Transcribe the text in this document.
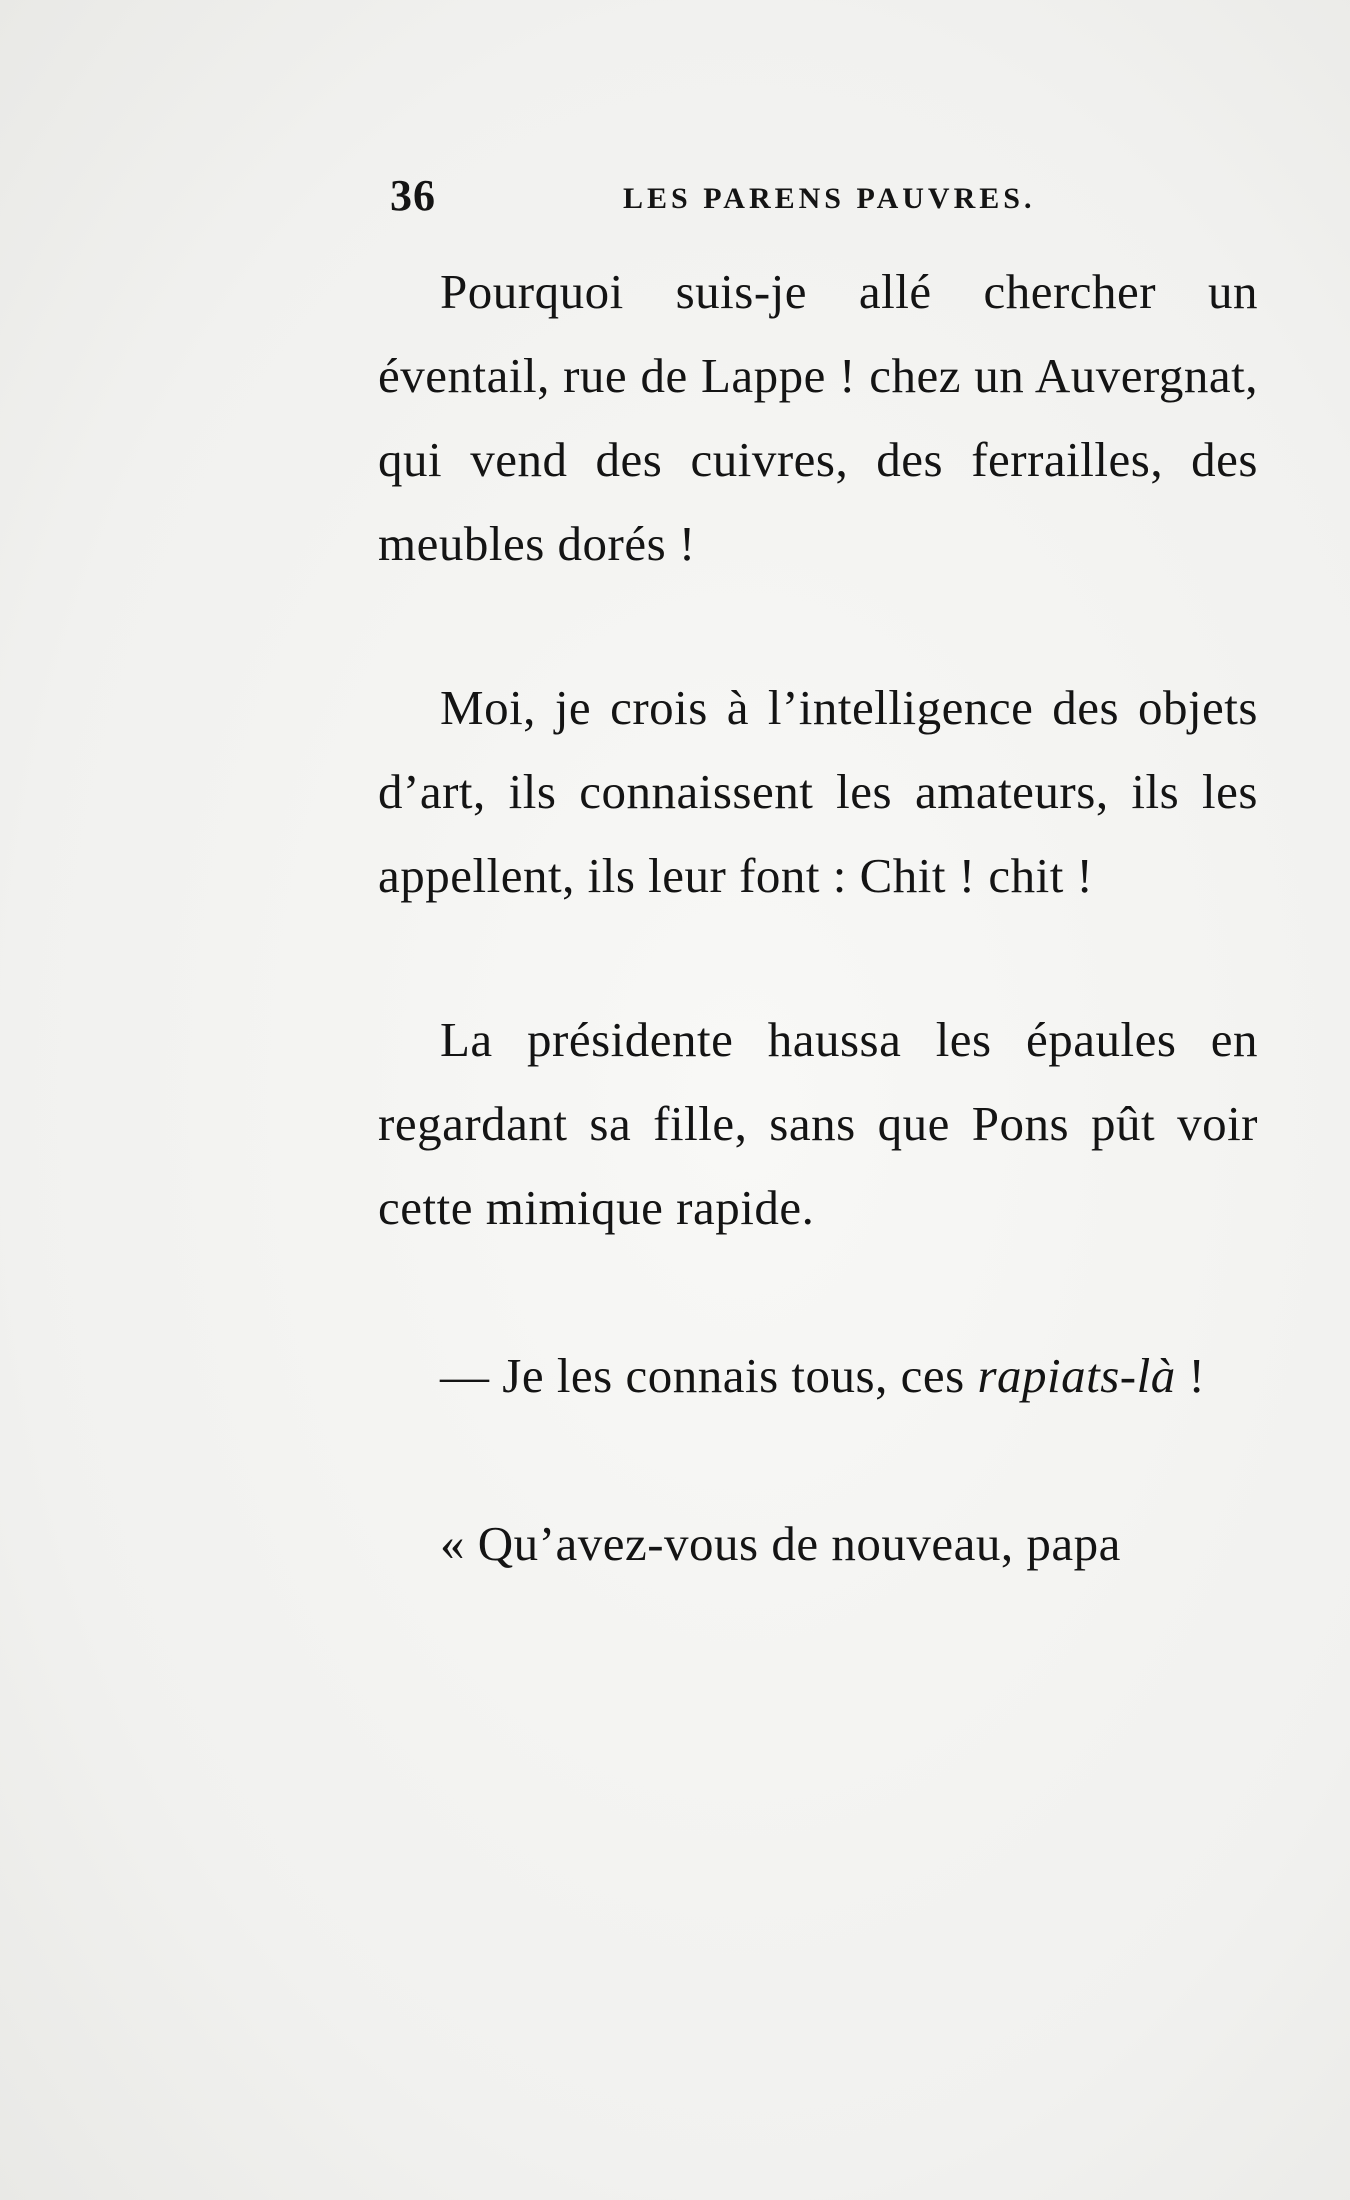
36	LES PARENS PAUVRES.

Pourquoi suis-je allé chercher un éventail, rue de Lappe ! chez un Auvergnat, qui vend des cuivres, des ferrailles, des meubles dorés !

Moi, je crois à l’intelligence des objets d’art, ils connaissent les amateurs, ils les appellent, ils leur font : Chit ! chit !

La présidente haussa les épaules en regardant sa fille, sans que Pons pût voir cette mimique rapide.

— Je les connais tous, ces rapiats-là !

« Qu’avez-vous de nouveau, papa
